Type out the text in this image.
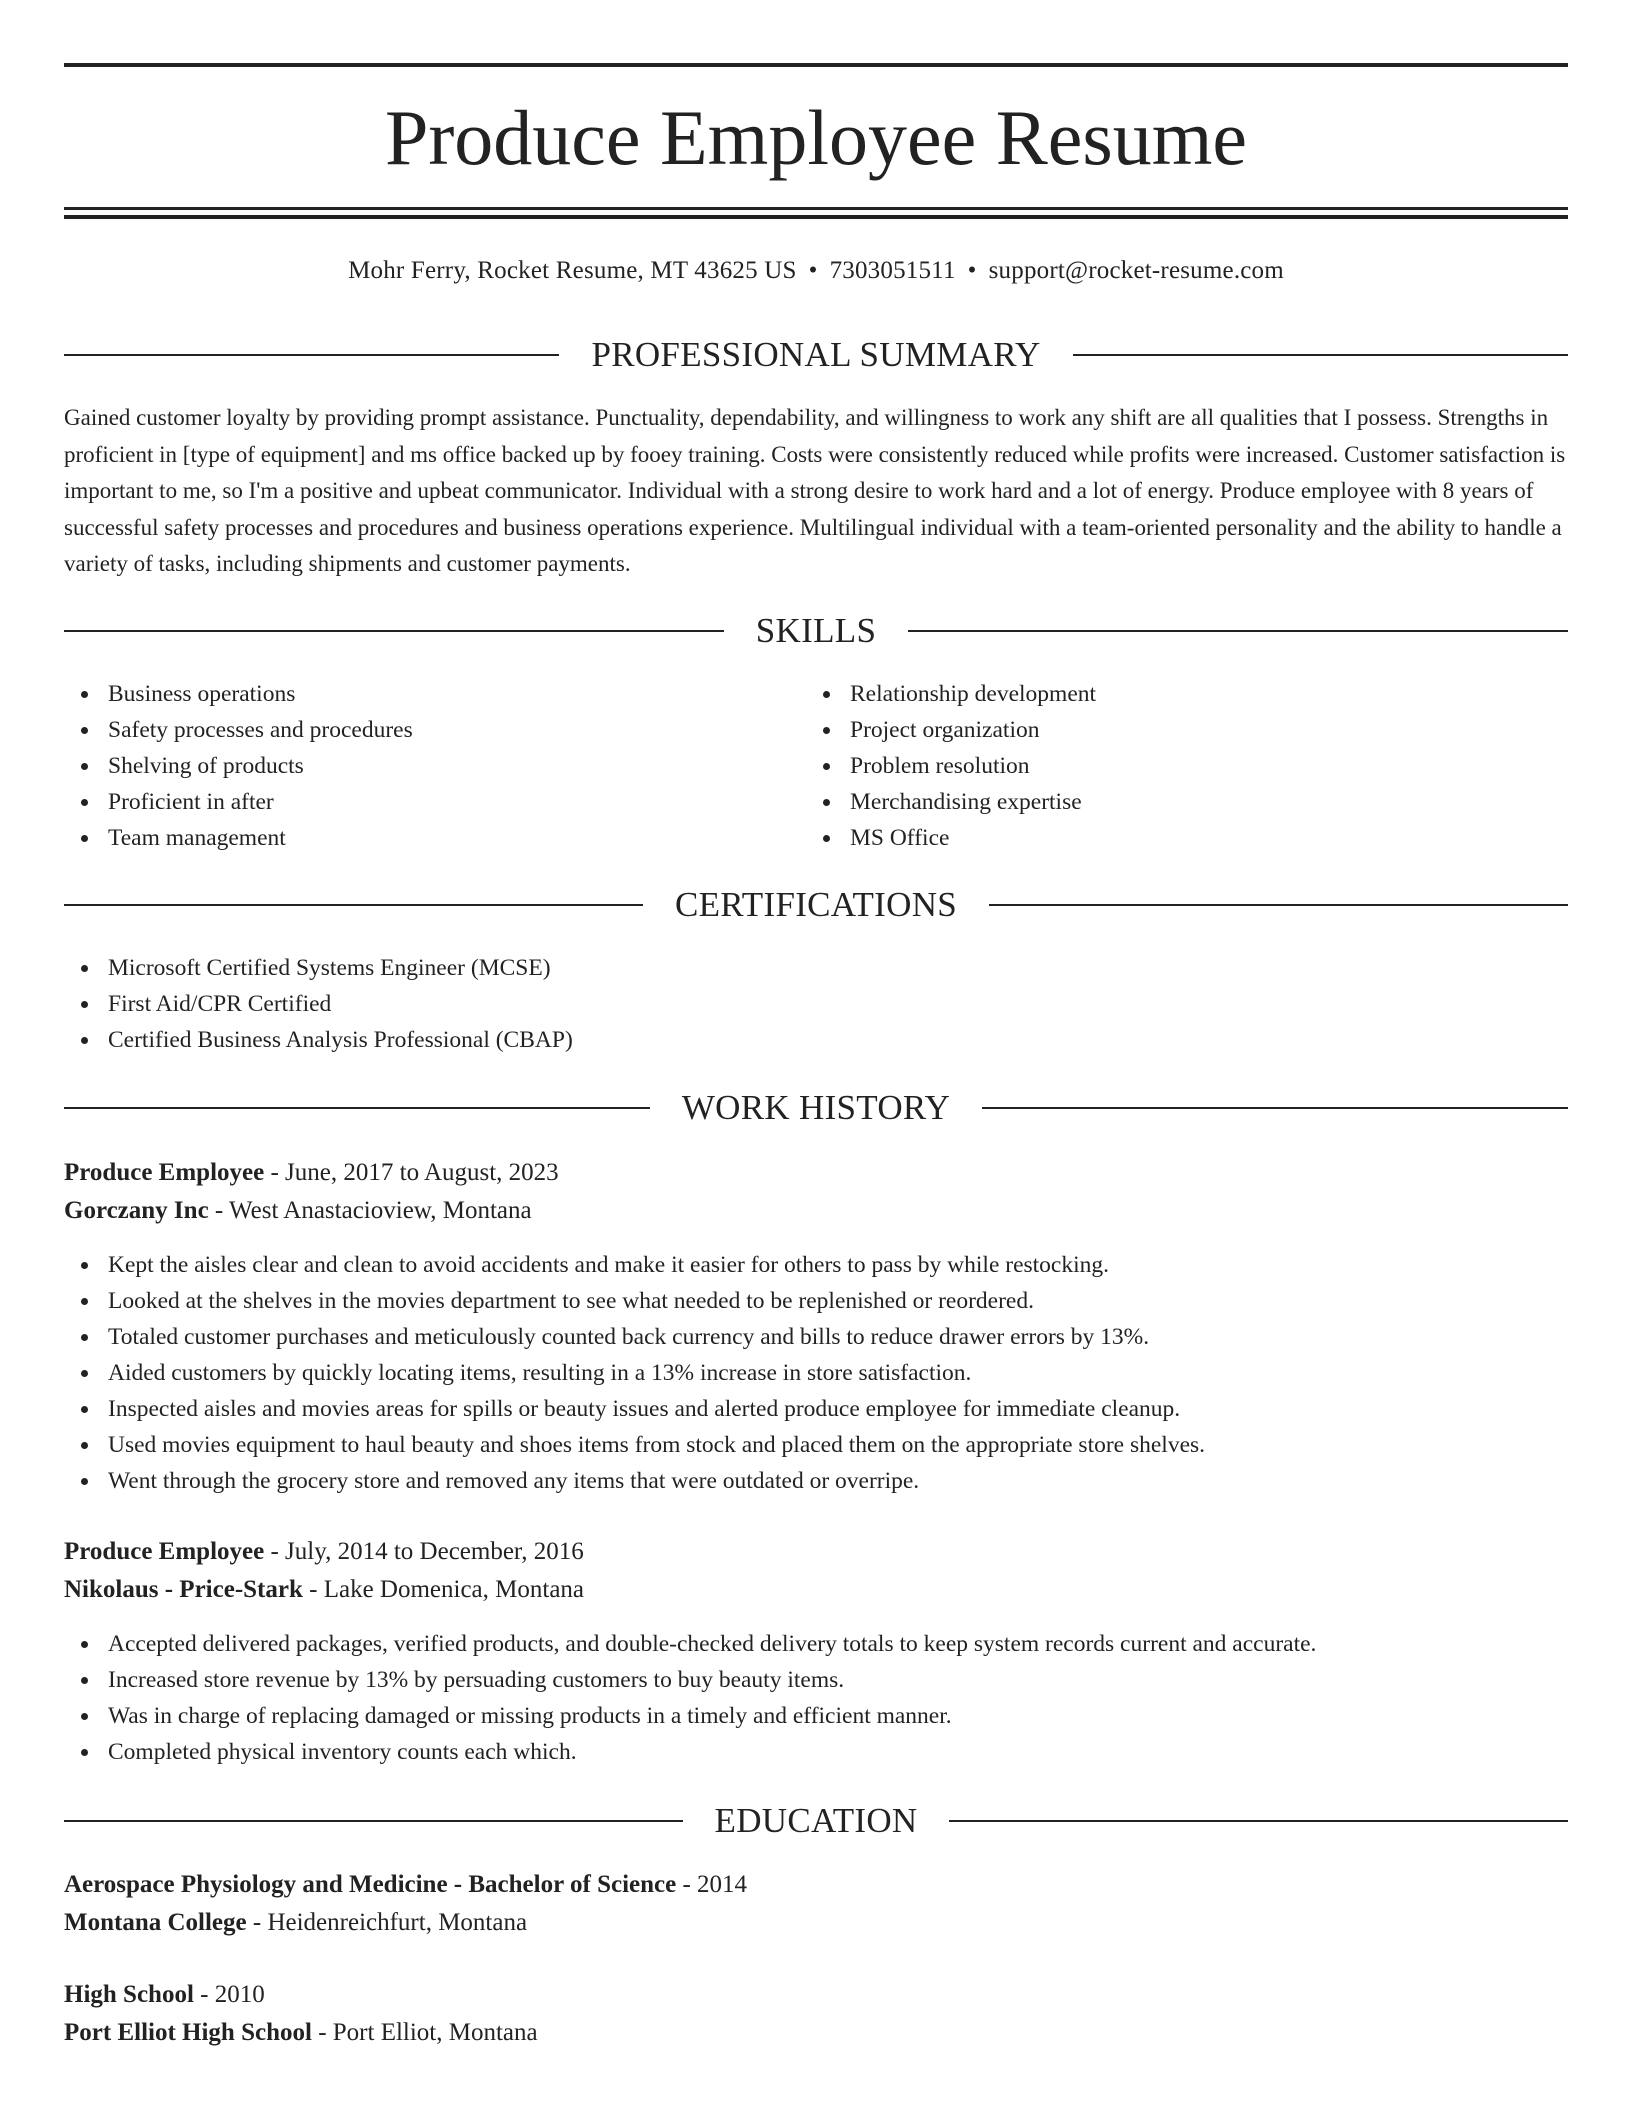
Produce Employee Resume
Mohr Ferry, Rocket Resume, MT 43625 US • 7303051511 • support@rocket-resume.com
PROFESSIONAL SUMMARY

Gained customer loyalty by providing prompt assistance. Punctuality, dependability, and willingness to work any shift are all qualities that I possess. Strengths in proficient in [type of equipment] and ms office backed up by fooey training. Costs were consistently reduced while profits were increased. Customer satisfaction is important to me, so I'm a positive and upbeat communicator. Individual with a strong desire to work hard and a lot of energy. Produce employee with 8 years of successful safety processes and procedures and business operations experience. Multilingual individual with a team-oriented personality and the ability to handle a variety of tasks, including shipments and customer payments.

SKILLS
Business operations
Safety processes and procedures
Shelving of products
Proficient in after
Team management
Relationship development
Project organization
Problem resolution
Merchandising expertise
MS Office
CERTIFICATIONS
Microsoft Certified Systems Engineer (MCSE)
First Aid/CPR Certified
Certified Business Analysis Professional (CBAP)
WORK HISTORY
Produce Employee - June, 2017 to August, 2023
Gorczany Inc - West Anastacioview, Montana
Kept the aisles clear and clean to avoid accidents and make it easier for others to pass by while restocking.
Looked at the shelves in the movies department to see what needed to be replenished or reordered.
Totaled customer purchases and meticulously counted back currency and bills to reduce drawer errors by 13%.
Aided customers by quickly locating items, resulting in a 13% increase in store satisfaction.
Inspected aisles and movies areas for spills or beauty issues and alerted produce employee for immediate cleanup.
Used movies equipment to haul beauty and shoes items from stock and placed them on the appropriate store shelves.
Went through the grocery store and removed any items that were outdated or overripe.
Produce Employee - July, 2014 to December, 2016
Nikolaus - Price-Stark - Lake Domenica, Montana
Accepted delivered packages, verified products, and double-checked delivery totals to keep system records current and accurate.
Increased store revenue by 13% by persuading customers to buy beauty items.
Was in charge of replacing damaged or missing products in a timely and efficient manner.
Completed physical inventory counts each which.
EDUCATION
Aerospace Physiology and Medicine - Bachelor of Science - 2014
Montana College - Heidenreichfurt, Montana
High School - 2010
Port Elliot High School - Port Elliot, Montana
